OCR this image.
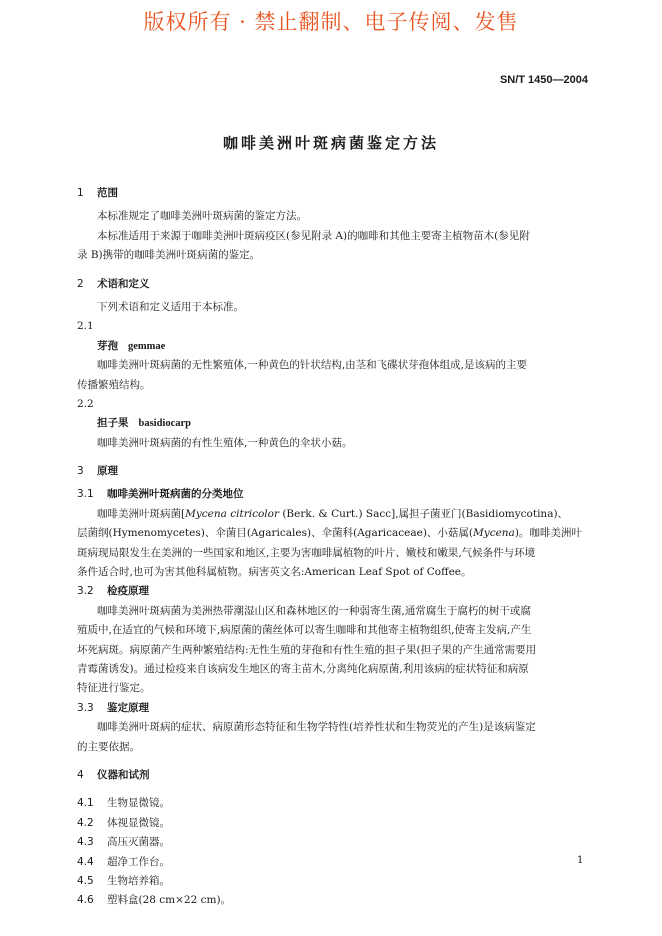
版权所有 · 禁止翻制、电子传阅、发售
SN/T 1450—2004
咖啡美洲叶斑病菌鉴定方法
1 范围
本标准规定了咖啡美洲叶斑病菌的鉴定方法。
本标准适用于来源于咖啡美洲叶斑病疫区(参见附录 A)的咖啡和其他主要寄主植物苗木(参见附
录 B)携带的咖啡美洲叶斑病菌的鉴定。
2 术语和定义
下列术语和定义适用于本标准。
2.1
芽孢 gemmae
咖啡美洲叶斑病菌的无性繁殖体,一种黄色的针状结构,由茎和飞碟状芽孢体组成,是该病的主要
传播繁殖结构。
2.2
担子果 basidiocarp
咖啡美洲叶斑病菌的有性生殖体,一种黄色的伞状小菇。
3 原理
3.1 咖啡美洲叶斑病菌的分类地位
咖啡美洲叶斑病菌[Mycena citricolor (Berk. & Curt.) Sacc],属担子菌亚门(Basidiomycotina)、
层菌纲(Hymenomycetes)、伞菌目(Agaricales)、伞菌科(Agaricaceae)、小菇属(Mycena)。咖啡美洲叶
斑病现局限发生在美洲的一些国家和地区,主要为害咖啡属植物的叶片、嫩枝和嫩果,气候条件与环境
条件适合时,也可为害其他科属植物。病害英文名:American Leaf Spot of Coffee。
3.2 检疫原理
咖啡美洲叶斑病菌为美洲热带潮湿山区和森林地区的一种弱寄生菌,通常腐生于腐朽的树干或腐
殖质中,在适宜的气候和环境下,病原菌的菌丝体可以寄生咖啡和其他寄主植物组织,使寄主发病,产生
坏死病斑。病原菌产生两种繁殖结构:无性生殖的芽孢和有性生殖的担子果(担子果的产生通常需要用
青霉菌诱发)。通过检疫来自该病发生地区的寄主苗木,分离纯化病原菌,利用该病的症状特征和病原
特征进行鉴定。
3.3 鉴定原理
咖啡美洲叶斑病的症状、病原菌形态特征和生物学特性(培养性状和生物荧光的产生)是该病鉴定
的主要依据。
4 仪器和试剂
4.1 生物显微镜。
4.2 体视显微镜。
4.3 高压灭菌器。
4.4 超净工作台。
4.5 生物培养箱。
4.6 塑料盒(28 cm×22 cm)。
1
